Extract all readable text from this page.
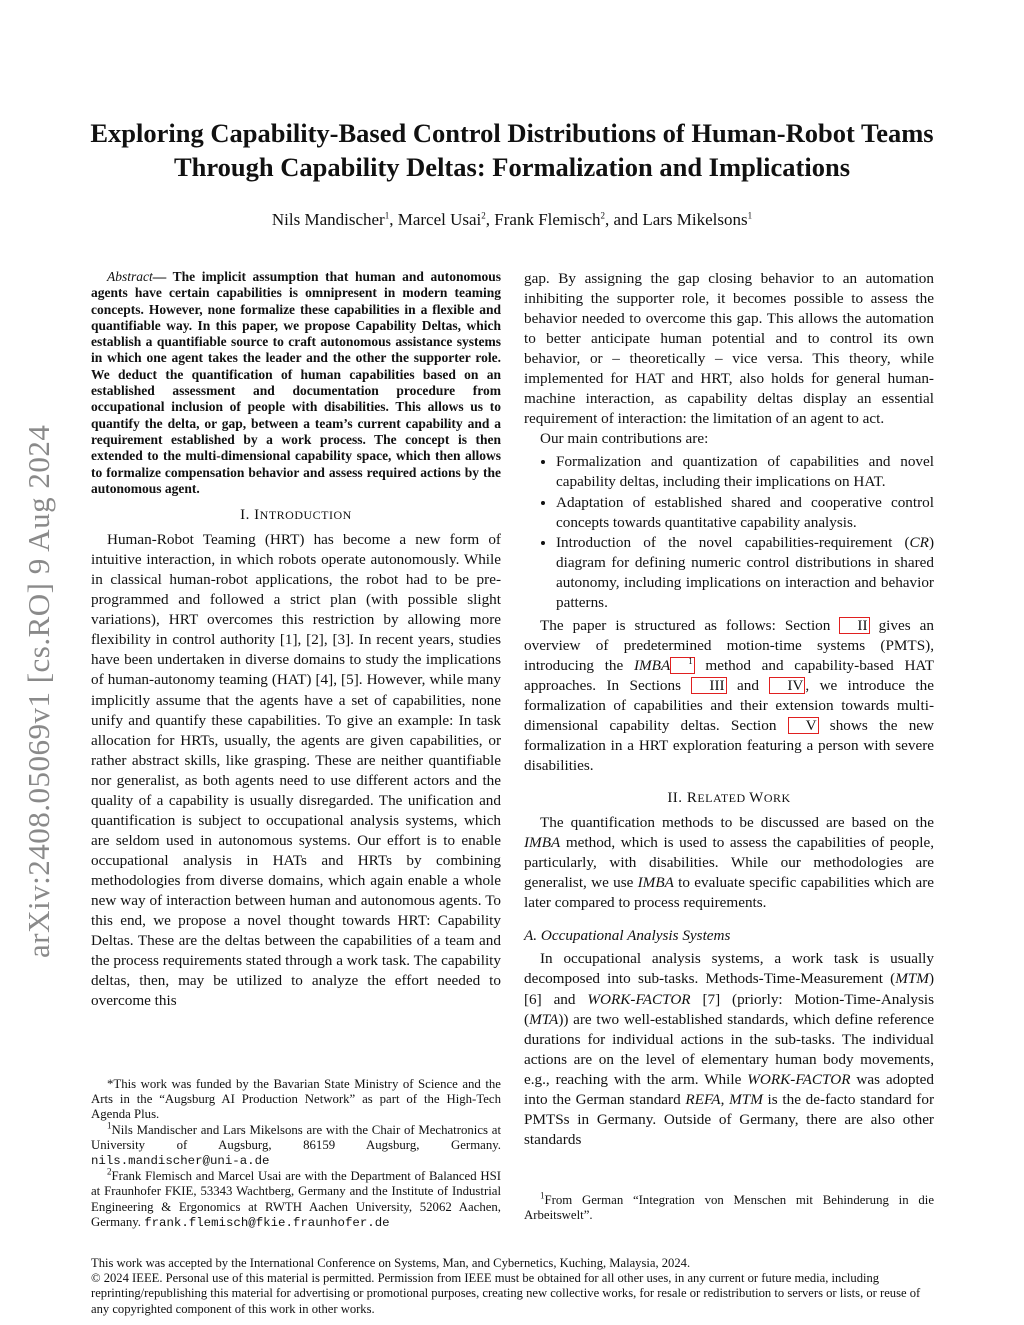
arXiv:2408.05069v1 [cs.RO] 9 Aug 2024
Exploring Capability-Based Control Distributions of Human-Robot Teams Through Capability Deltas: Formalization and Implications
Nils Mandischer$^1$, Marcel Usai$^2$, Frank Flemisch$^2$, and Lars Mikelsons$^1$

Abstract— The implicit assumption that human and autonomous agents have certain capabilities is omnipresent in modern teaming concepts. However, none formalize these capabilities in a flexible and quantifiable way. In this paper, we propose Capability Deltas, which establish a quantifiable source to craft autonomous assistance systems in which one agent takes the leader and the other the supporter role. We deduct the quantification of human capabilities based on an established assessment and documentation procedure from occupational inclusion of people with disabilities. This allows us to quantify the delta, or gap, between a team’s current capability and a requirement established by a work process. The concept is then extended to the multi-dimensional capability space, which then allows to formalize compensation behavior and assess required actions by the autonomous agent.

I. INTRODUCTION

Human-Robot Teaming (HRT) has become a new form of intuitive interaction, in which robots operate autonomously. While in classical human-robot applications, the robot had to be pre-programmed and followed a strict plan (with possible slight variations), HRT overcomes this restriction by allowing more flexibility in control authority [1], [2], [3]. In recent years, studies have been undertaken in diverse domains to study the implications of human-autonomy teaming (HAT) [4], [5]. However, while many implicitly assume that the agents have a set of capabilities, none unify and quantify these capabilities. To give an example: In task allocation for HRTs, usually, the agents are given capabilities, or rather abstract skills, like grasping. These are neither quantifiable nor generalist, as both agents need to use different actors and the quality of a capability is usually disregarded. The unification and quantification is subject to occupational analysis systems, which are seldom used in autonomous systems. Our effort is to enable occupational analysis in HATs and HRTs by combining methodologies from diverse domains, which again enable a whole new way of interaction between human and autonomous agents. To this end, we propose a novel thought towards HRT: Capability Deltas. These are the deltas between the capabilities of a team and the process requirements stated through a work task. The capability deltas, then, may be utilized to analyze the effort needed to overcome this

*This work was funded by the Bavarian State Ministry of Science and the Arts in the “Augsburg AI Production Network” as part of the High-Tech Agenda Plus.

$^1$Nils Mandischer and Lars Mikelsons are with the Chair of Mechatronics at University of Augsburg, 86159 Augsburg, Germany. nils.mandischer@uni-a.de

$^2$Frank Flemisch and Marcel Usai are with the Department of Balanced HSI at Fraunhofer FKIE, 53343 Wachtberg, Germany and the Institute of Industrial Engineering & Ergonomics at RWTH Aachen University, 52062 Aachen, Germany. frank.flemisch@fkie.fraunhofer.de

gap. By assigning the gap closing behavior to an automation inhibiting the supporter role, it becomes possible to assess the behavior needed to overcome this gap. This allows the automation to better anticipate human potential and to control its own behavior, or – theoretically – vice versa. This theory, while implemented for HAT and HRT, also holds for general human-machine interaction, as capability deltas display an essential requirement of interaction: the limitation of an agent to act.

Our main contributions are:

• Formalization and quantization of capabilities and novel capability deltas, including their implications on HAT.
• Adaptation of established shared and cooperative control concepts towards quantitative capability analysis.
• Introduction of the novel capabilities-requirement (CR) diagram for defining numeric control distributions in shared autonomy, including implications on interaction and behavior patterns.

The paper is structured as follows: Section II gives an overview of predetermined motion-time systems (PMTS), introducing the IMBA $^1$ method and capability-based HAT approaches. In Sections III and IV , we introduce the formalization of capabilities and their extension towards multi-dimensional capability deltas. Section V shows the new formalization in a HRT exploration featuring a person with severe disabilities.

II. RELATED WORK

The quantification methods to be discussed are based on the IMBA method, which is used to assess the capabilities of people, particularly, with disabilities. While our methodologies are generalist, we use IMBA to evaluate specific capabilities which are later compared to process requirements.

A. Occupational Analysis Systems

In occupational analysis systems, a work task is usually decomposed into sub-tasks. Methods-Time-Measurement (MTM) [6] and WORK-FACTOR [7] (priorly: Motion-Time-Analysis (MTA)) are two well-established standards, which define reference durations for individual actions in the sub-tasks. The individual actions are on the level of elementary human body movements, e.g., reaching with the arm. While WORK-FACTOR was adopted into the German standard REFA, MTM is the de-facto standard for PMTSs in Germany. Outside of Germany, there are also other standards

$^1$From German “Integration von Menschen mit Behinderung in die Arbeitswelt”.

This work was accepted by the International Conference on Systems, Man, and Cybernetics, Kuching, Malaysia, 2024.
© 2024 IEEE. Personal use of this material is permitted. Permission from IEEE must be obtained for all other uses, in any current or future media, including reprinting/republishing this material for advertising or promotional purposes, creating new collective works, for resale or redistribution to servers or lists, or reuse of any copyrighted component of this work in other works.
